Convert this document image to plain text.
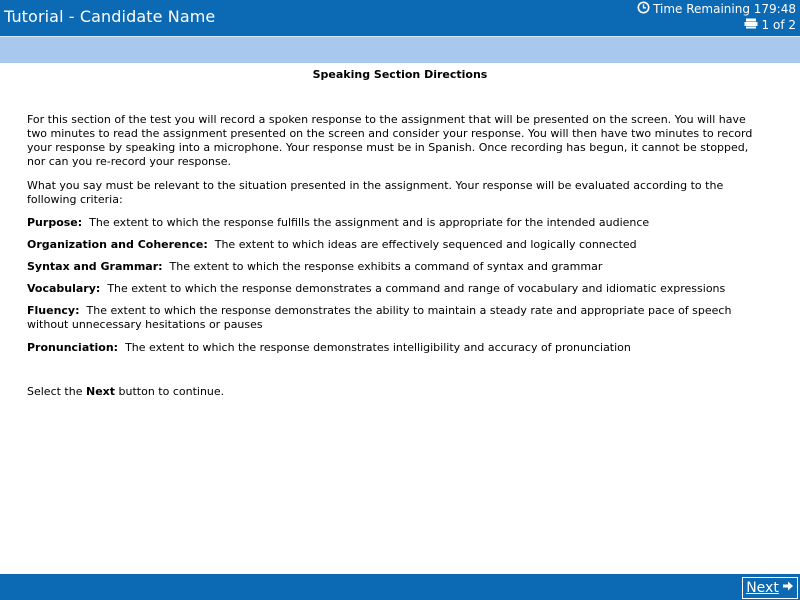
Tutorial - Candidate Name	Time Remaining 179:48
1 of 2
Speaking Section Directions

For this section of the test you will record a spoken response to the assignment that will be presented on the screen. You will have two minutes to read the assignment presented on the screen and consider your response. You will then have two minutes to record your response by speaking into a microphone. Your response must be in Spanish. Once recording has begun, it cannot be stopped, nor can you re-record your response.

What you say must be relevant to the situation presented in the assignment. Your response will be evaluated according to the following criteria:

Purpose: The extent to which the response fulfills the assignment and is appropriate for the intended audience

Organization and Coherence: The extent to which ideas are effectively sequenced and logically connected

Syntax and Grammar: The extent to which the response exhibits a command of syntax and grammar

Vocabulary: The extent to which the response demonstrates a command and range of vocabulary and idiomatic expressions

Fluency: The extent to which the response demonstrates the ability to maintain a steady rate and appropriate pace of speech without unnecessary hesitations or pauses

Pronunciation: The extent to which the response demonstrates intelligibility and accuracy of pronunciation

Select the Next button to continue.

Next
